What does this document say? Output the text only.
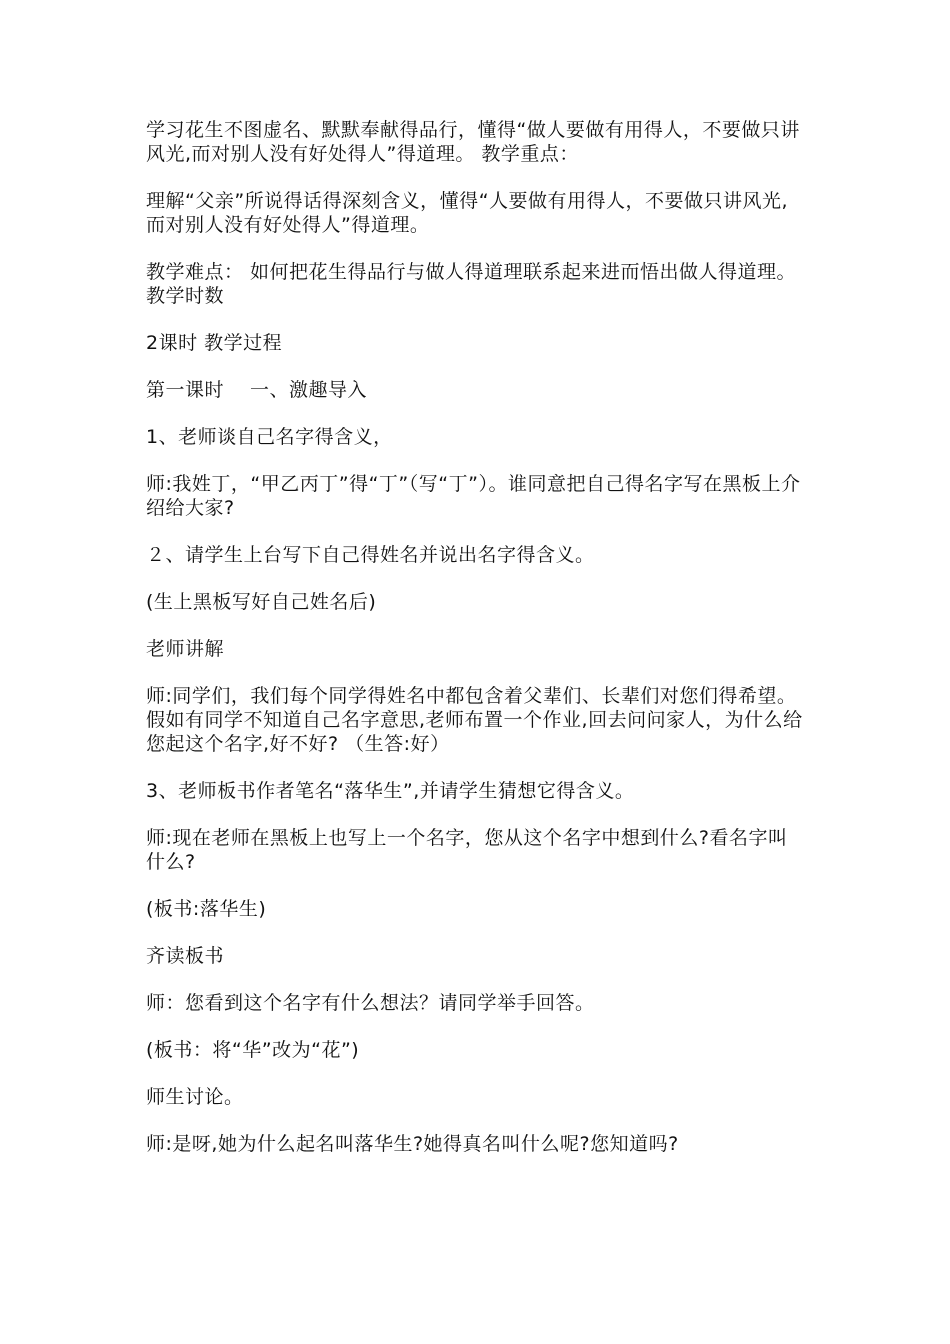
学习花生不图虚名、默默奉献得品行，懂得“做人要做有用得人，不要做只讲风光,而对别人没有好处得人”得道理。 教学重点：

理解“父亲”所说得话得深刻含义，懂得“人要做有用得人，不要做只讲风光,而对别人没有好处得人”得道理。

教学难点： 如何把花生得品行与做人得道理联系起来进而悟出做人得道理。 教学时数

2课时 教学过程

第一课时　 一、激趣导入

1、老师谈自己名字得含义，

师:我姓丁，“甲乙丙丁”得“丁”（写“丁”）。谁同意把自己得名字写在黑板上介绍给大家?

２、请学生上台写下自己得姓名并说出名字得含义。

(生上黑板写好自己姓名后)

老师讲解

师:同学们，我们每个同学得姓名中都包含着父辈们、长辈们对您们得希望。假如有同学不知道自己名字意思,老师布置一个作业,回去问问家人，为什么给您起这个名字,好不好? （生答:好）

3、老师板书作者笔名“落华生”,并请学生猜想它得含义。

师:现在老师在黑板上也写上一个名字，您从这个名字中想到什么?看名字叫什么?

(板书:落华生)

齐读板书

师：您看到这个名字有什么想法？请同学举手回答。

(板书：将“华”改为“花”)

师生讨论。

师:是呀,她为什么起名叫落华生?她得真名叫什么呢?您知道吗?
